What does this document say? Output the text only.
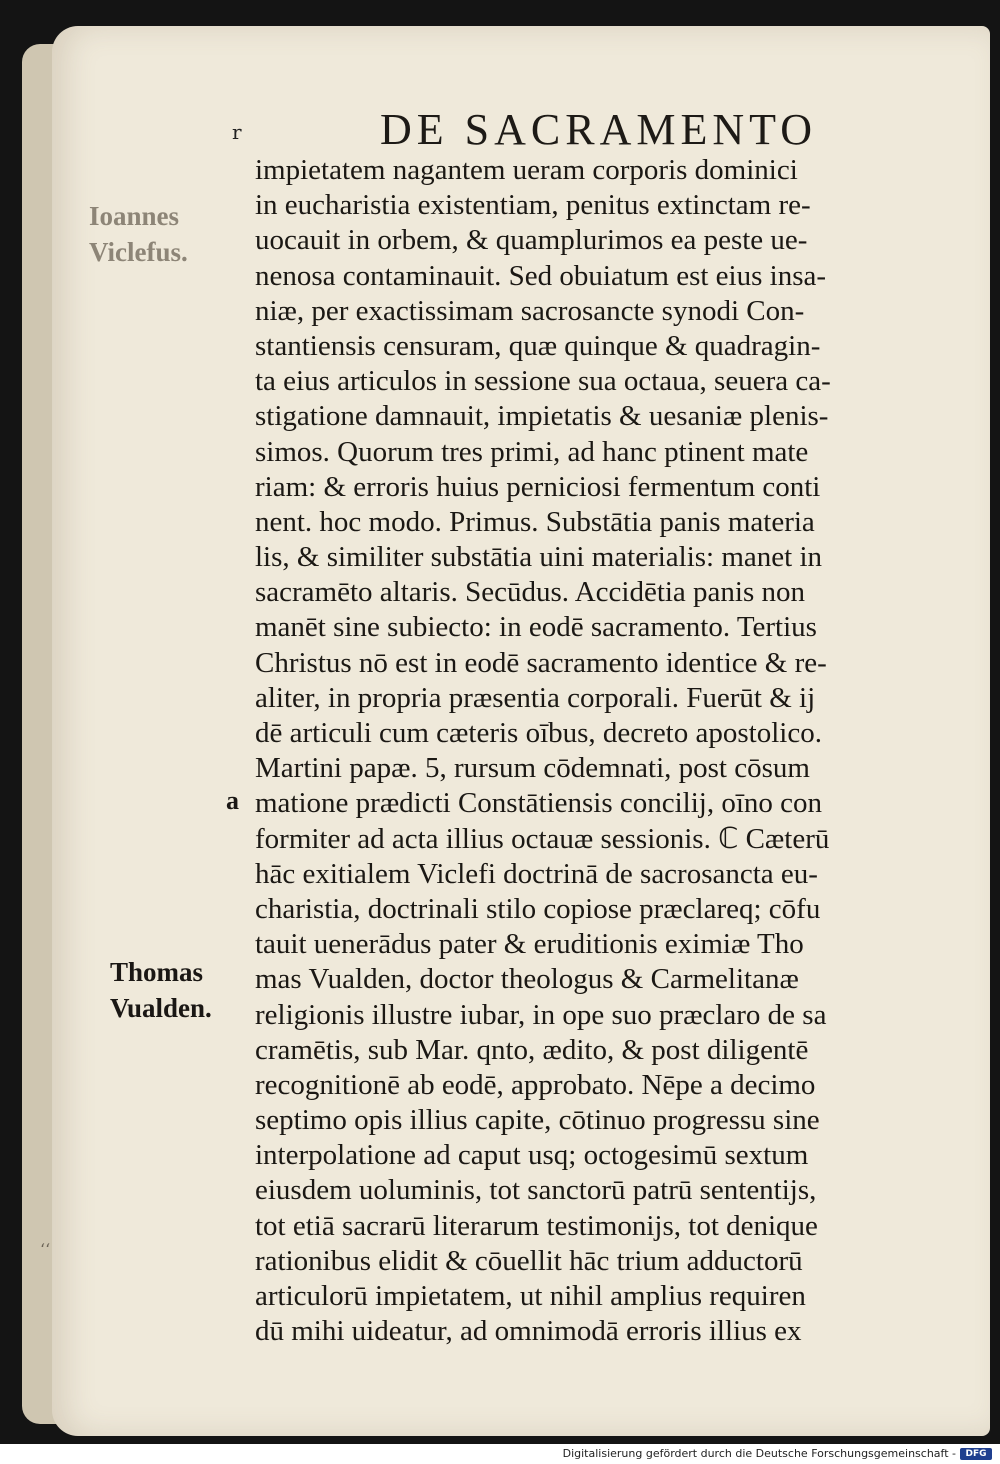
‘‘
r	DE SACRAMENTO
Ioannes
Viclefus.
Thomas
Vualden.
a
impietatem nagantem ueram corporis dominici
in eucharistia existentiam, penitus extinctam re-
uocauit in orbem, & quamplurimos ea peste ue-
nenosa contaminauit. Sed obuiatum est eius insa-
niæ, per exactissimam sacrosancte synodi Con-
stantiensis censuram, quæ quinque & quadragin-
ta eius articulos in sessione sua octaua, seuera ca-
stigatione damnauit, impietatis & uesaniæ plenis-
simos. Quorum tres primi, ad hanc ptinent mate
riam: & erroris huius perniciosi fermentum conti
nent. hoc modo. Primus. Substātia panis materia
lis, & similiter substātia uini materialis: manet in
sacramēto altaris. Secūdus. Accidētia panis non
manēt sine subiecto: in eodē sacramento. Tertius
Christus nō est in eodē sacramento identice & re-
aliter, in propria præsentia corporali. Fuerūt & ij
dē articuli cum cæteris oībus, decreto apostolico.
Martini papæ. 5, rursum cōdemnati, post cōsum
matione prædicti Constātiensis concilij, oīno con
formiter ad acta illius octauæ sessionis. ℂ Cæterū
hāc exitialem Viclefi doctrinā de sacrosancta eu-
charistia, doctrinali stilo copiose præclareq; cōfu
tauit uenerādus pater & eruditionis eximiæ Tho
mas Vualden, doctor theologus & Carmelitanæ
religionis illustre iubar, in ope suo præclaro de sa
cramētis, sub Mar. qnto, ædito, & post diligentē
recognitionē ab eodē, approbato. Nēpe a decimo
septimo opis illius capite, cōtinuo progressu sine
interpolatione ad caput usq; octogesimū sextum
eiusdem uoluminis, tot sanctorū patrū sententijs,
tot etiā sacrarū literarum testimonijs, tot denique
rationibus elidit & cōuellit hāc trium adductorū
articulorū impietatem, ut nihil amplius requiren
dū mihi uideatur, ad omnimodā erroris illius ex
Digitalisierung gefördert durch die Deutsche Forschungsgemeinschaft -	DFG
